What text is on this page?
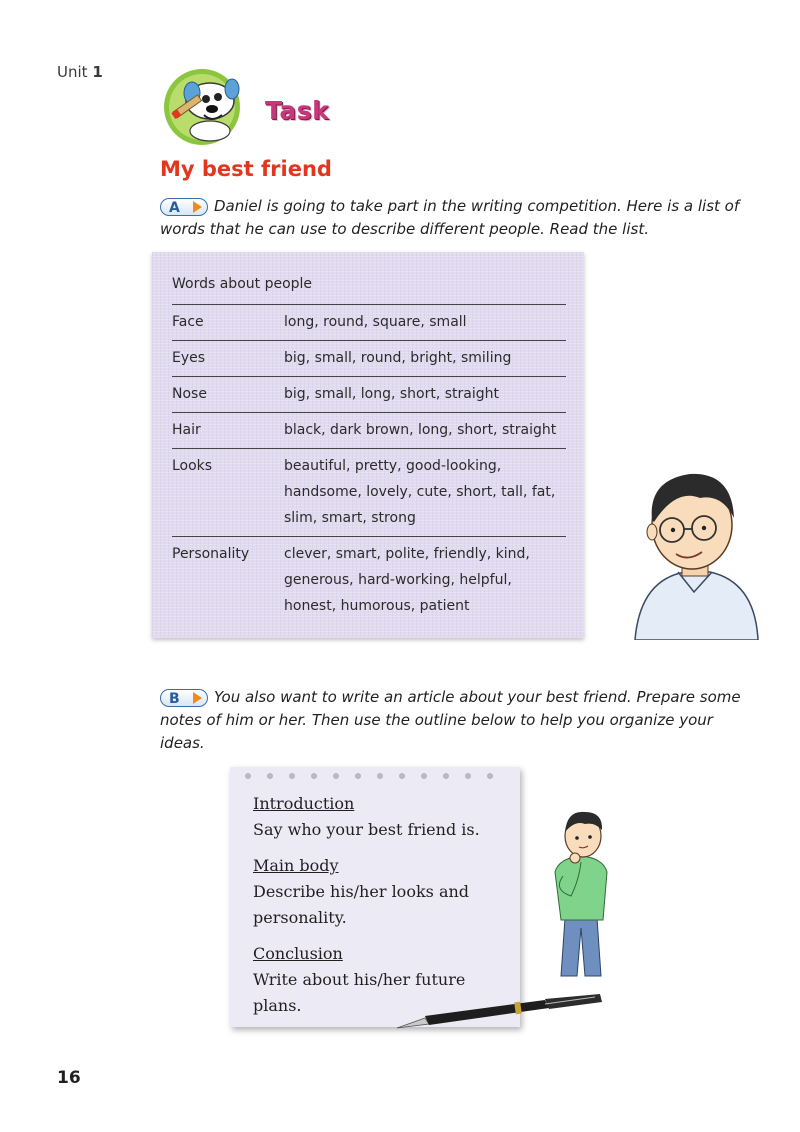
Unit 1
Task
My best friend
A Daniel is going to take part in the writing competition. Here is a list of words that he can use to describe different people. Read the list.
Words about people
Face	long, round, square, small
Eyes	big, small, round, bright, smiling
Nose	big, small, long, short, straight
Hair	black, dark brown, long, short, straight
Looks	beautiful, pretty, good-looking, handsome, lovely, cute, short, tall, fat, slim, smart, strong
Personality	clever, smart, polite, friendly, kind, generous, hard-working, helpful, honest, humorous, patient
B You also want to write an article about your best friend. Prepare some notes of him or her. Then use the outline below to help you organize your ideas.
Introduction
Say who your best friend is.
Main body
Describe his/her looks and personality.
Conclusion
Write about his/her future plans.
16
